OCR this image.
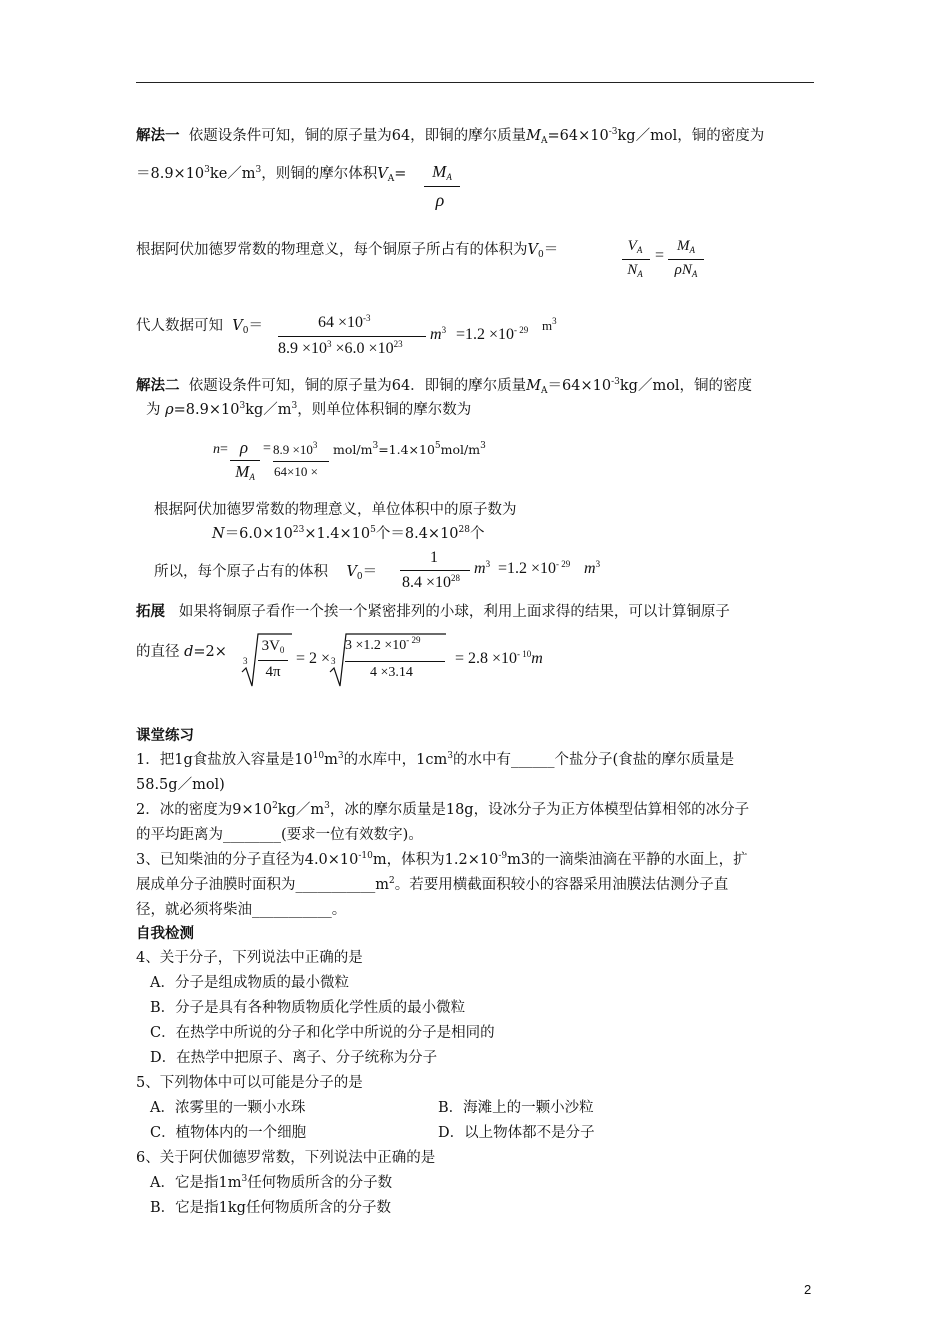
解法一 依题设条件可知，铜的原子量为64，即铜的摩尔质量$M_A=64\times 10^{-3}kg/mol$，铜的密度为
$=8.9\times 10^3ke/m^3$，则铜的摩尔体积$V_A=$	$M_A$
ρ
根据阿伏加德罗常数的物理意义，每个铜原子所占有的体积为$V_0=$	$V_A$
$N_A$
=
$M_A$
$\rho N_A$
代人数据可知 $V_0=$	$64 \times 10^{-3}$
$8.9 \times 10^3 \times 6.0 \times 10^{23}$
$m^3 =1.2 \times 10^{- 29}$ $m^3$
解法二 依题设条件可知，铜的原子量为64．即铜的摩尔质量$M_A=64\times 10^{-3}kg/mol$，铜的密度
为 $\rho=8.9\times 10^3kg/m^3$，则单位体积铜的摩尔数为
n= ρ
$M_A$
= $8.9 \times 10^3$
64×10 ×
mol/$m^3=1.4\times 10^5mol/m^3$
根据阿伏加德罗常数的物理意义，单位体积中的原子数为
$N=6.0\times 10^{23}\times 1.4\times 10^5$个$=8.4\times 10^{28}$个
所以，每个原子占有的体积 $V_0=$
1
$8.4 \times 10^{28}$
$m^3 =1.2 \times 10^{- 29}$ $m^3$
拓展 如果将铜原子看作一个挨一个紧密排列的小球，利用上面求得的结果，可以计算铜原子
的直径 d=2×
3
$3V_0$
4π
= 2 × 3
$3 \times 1.2 \times 10^{- 29}$
4 ×3.14
= $2.8 \times 10^{- 10}m$
课堂练习
1．把1g食盐放入容量是$10^{10}m^3$的水库中，$1cm^3$的水中有______个盐分子(食盐的摩尔质量是
58.5g／mol)
2．冰的密度为$9\times 10^2kg/m^3$，冰的摩尔质量是18g，设冰分子为正方体模型估算相邻的冰分子
的平均距离为________(要求一位有效数字)。
3、已知柴油的分子直径为$4.0\times 10^{-10}m$，体积为$1.2\times 10^{-9}m3$的一滴柴油滴在平静的水面上，扩
展成单分子油膜时面积为$\_\_\_\_\_\_\_\_\_\_\_m^2$。若要用横截面积较小的容器采用油膜法估测分子直
径，就必须将柴油___________。
自我检测
4、关于分子，下列说法中正确的是
A．分子是组成物质的最小微粒
B．分子是具有各种物质物质化学性质的最小微粒
C．在热学中所说的分子和化学中所说的分子是相同的
D．在热学中把原子、离子、分子统称为分子
5、下列物体中可以可能是分子的是
A．浓雾里的一颗小水珠	B．海滩上的一颗小沙粒
C．植物体内的一个细胞	D．以上物体都不是分子
6、关于阿伏伽德罗常数，下列说法中正确的是
A．它是指$1m^3$任何物质所含的分子数
B．它是指1kg任何物质所含的分子数
2
